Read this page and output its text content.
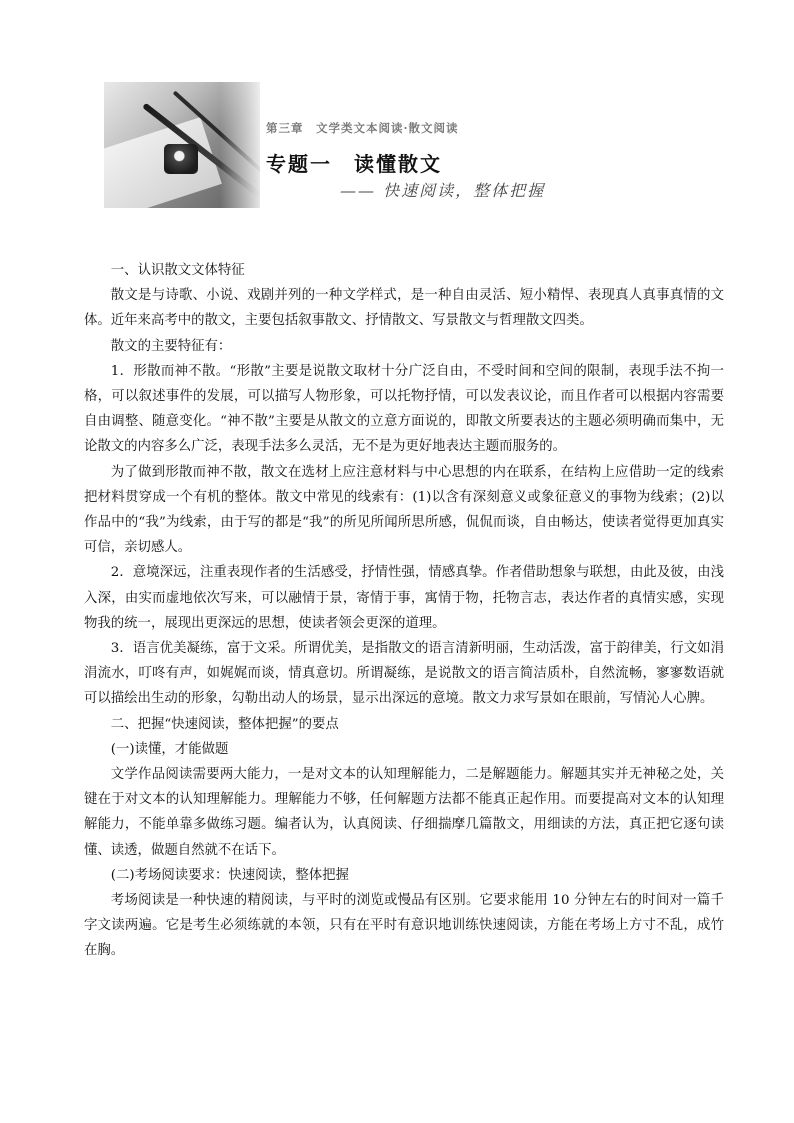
第三章　文学类文本阅读·散文阅读
专题一　读懂散文
—— 快速阅读，整体把握

一、认识散文文体特征

散文是与诗歌、小说、戏剧并列的一种文学样式，是一种自由灵活、短小精悍、表现真人真事真情的文体。近年来高考中的散文，主要包括叙事散文、抒情散文、写景散文与哲理散文四类。

散文的主要特征有：

1．形散而神不散。“形散”主要是说散文取材十分广泛自由，不受时间和空间的限制，表现手法不拘一格，可以叙述事件的发展，可以描写人物形象，可以托物抒情，可以发表议论，而且作者可以根据内容需要自由调整、随意变化。“神不散”主要是从散文的立意方面说的，即散文所要表达的主题必须明确而集中，无论散文的内容多么广泛，表现手法多么灵活，无不是为更好地表达主题而服务的。

为了做到形散而神不散，散文在选材上应注意材料与中心思想的内在联系，在结构上应借助一定的线索把材料贯穿成一个有机的整体。散文中常见的线索有：(1)以含有深刻意义或象征意义的事物为线索；(2)以作品中的“我”为线索，由于写的都是“我”的所见所闻所思所感，侃侃而谈，自由畅达，使读者觉得更加真实可信，亲切感人。

2．意境深远，注重表现作者的生活感受，抒情性强，情感真挚。作者借助想象与联想，由此及彼，由浅入深，由实而虚地依次写来，可以融情于景，寄情于事，寓情于物，托物言志，表达作者的真情实感，实现物我的统一，展现出更深远的思想，使读者领会更深的道理。

3．语言优美凝练，富于文采。所谓优美，是指散文的语言清新明丽，生动活泼，富于韵律美，行文如涓涓流水，叮咚有声，如娓娓而谈，情真意切。所谓凝练，是说散文的语言简洁质朴，自然流畅，寥寥数语就可以描绘出生动的形象，勾勒出动人的场景，显示出深远的意境。散文力求写景如在眼前，写情沁人心脾。

二、把握“快速阅读，整体把握”的要点

(一)读懂，才能做题

文学作品阅读需要两大能力，一是对文本的认知理解能力，二是解题能力。解题其实并无神秘之处，关键在于对文本的认知理解能力。理解能力不够，任何解题方法都不能真正起作用。而要提高对文本的认知理解能力，不能单靠多做练习题。编者认为，认真阅读、仔细揣摩几篇散文，用细读的方法，真正把它逐句读懂、读透，做题自然就不在话下。

(二)考场阅读要求：快速阅读，整体把握

考场阅读是一种快速的精阅读，与平时的浏览或慢品有区别。它要求能用 10 分钟左右的时间对一篇千字文读两遍。它是考生必须练就的本领，只有在平时有意识地训练快速阅读，方能在考场上方寸不乱，成竹在胸。
